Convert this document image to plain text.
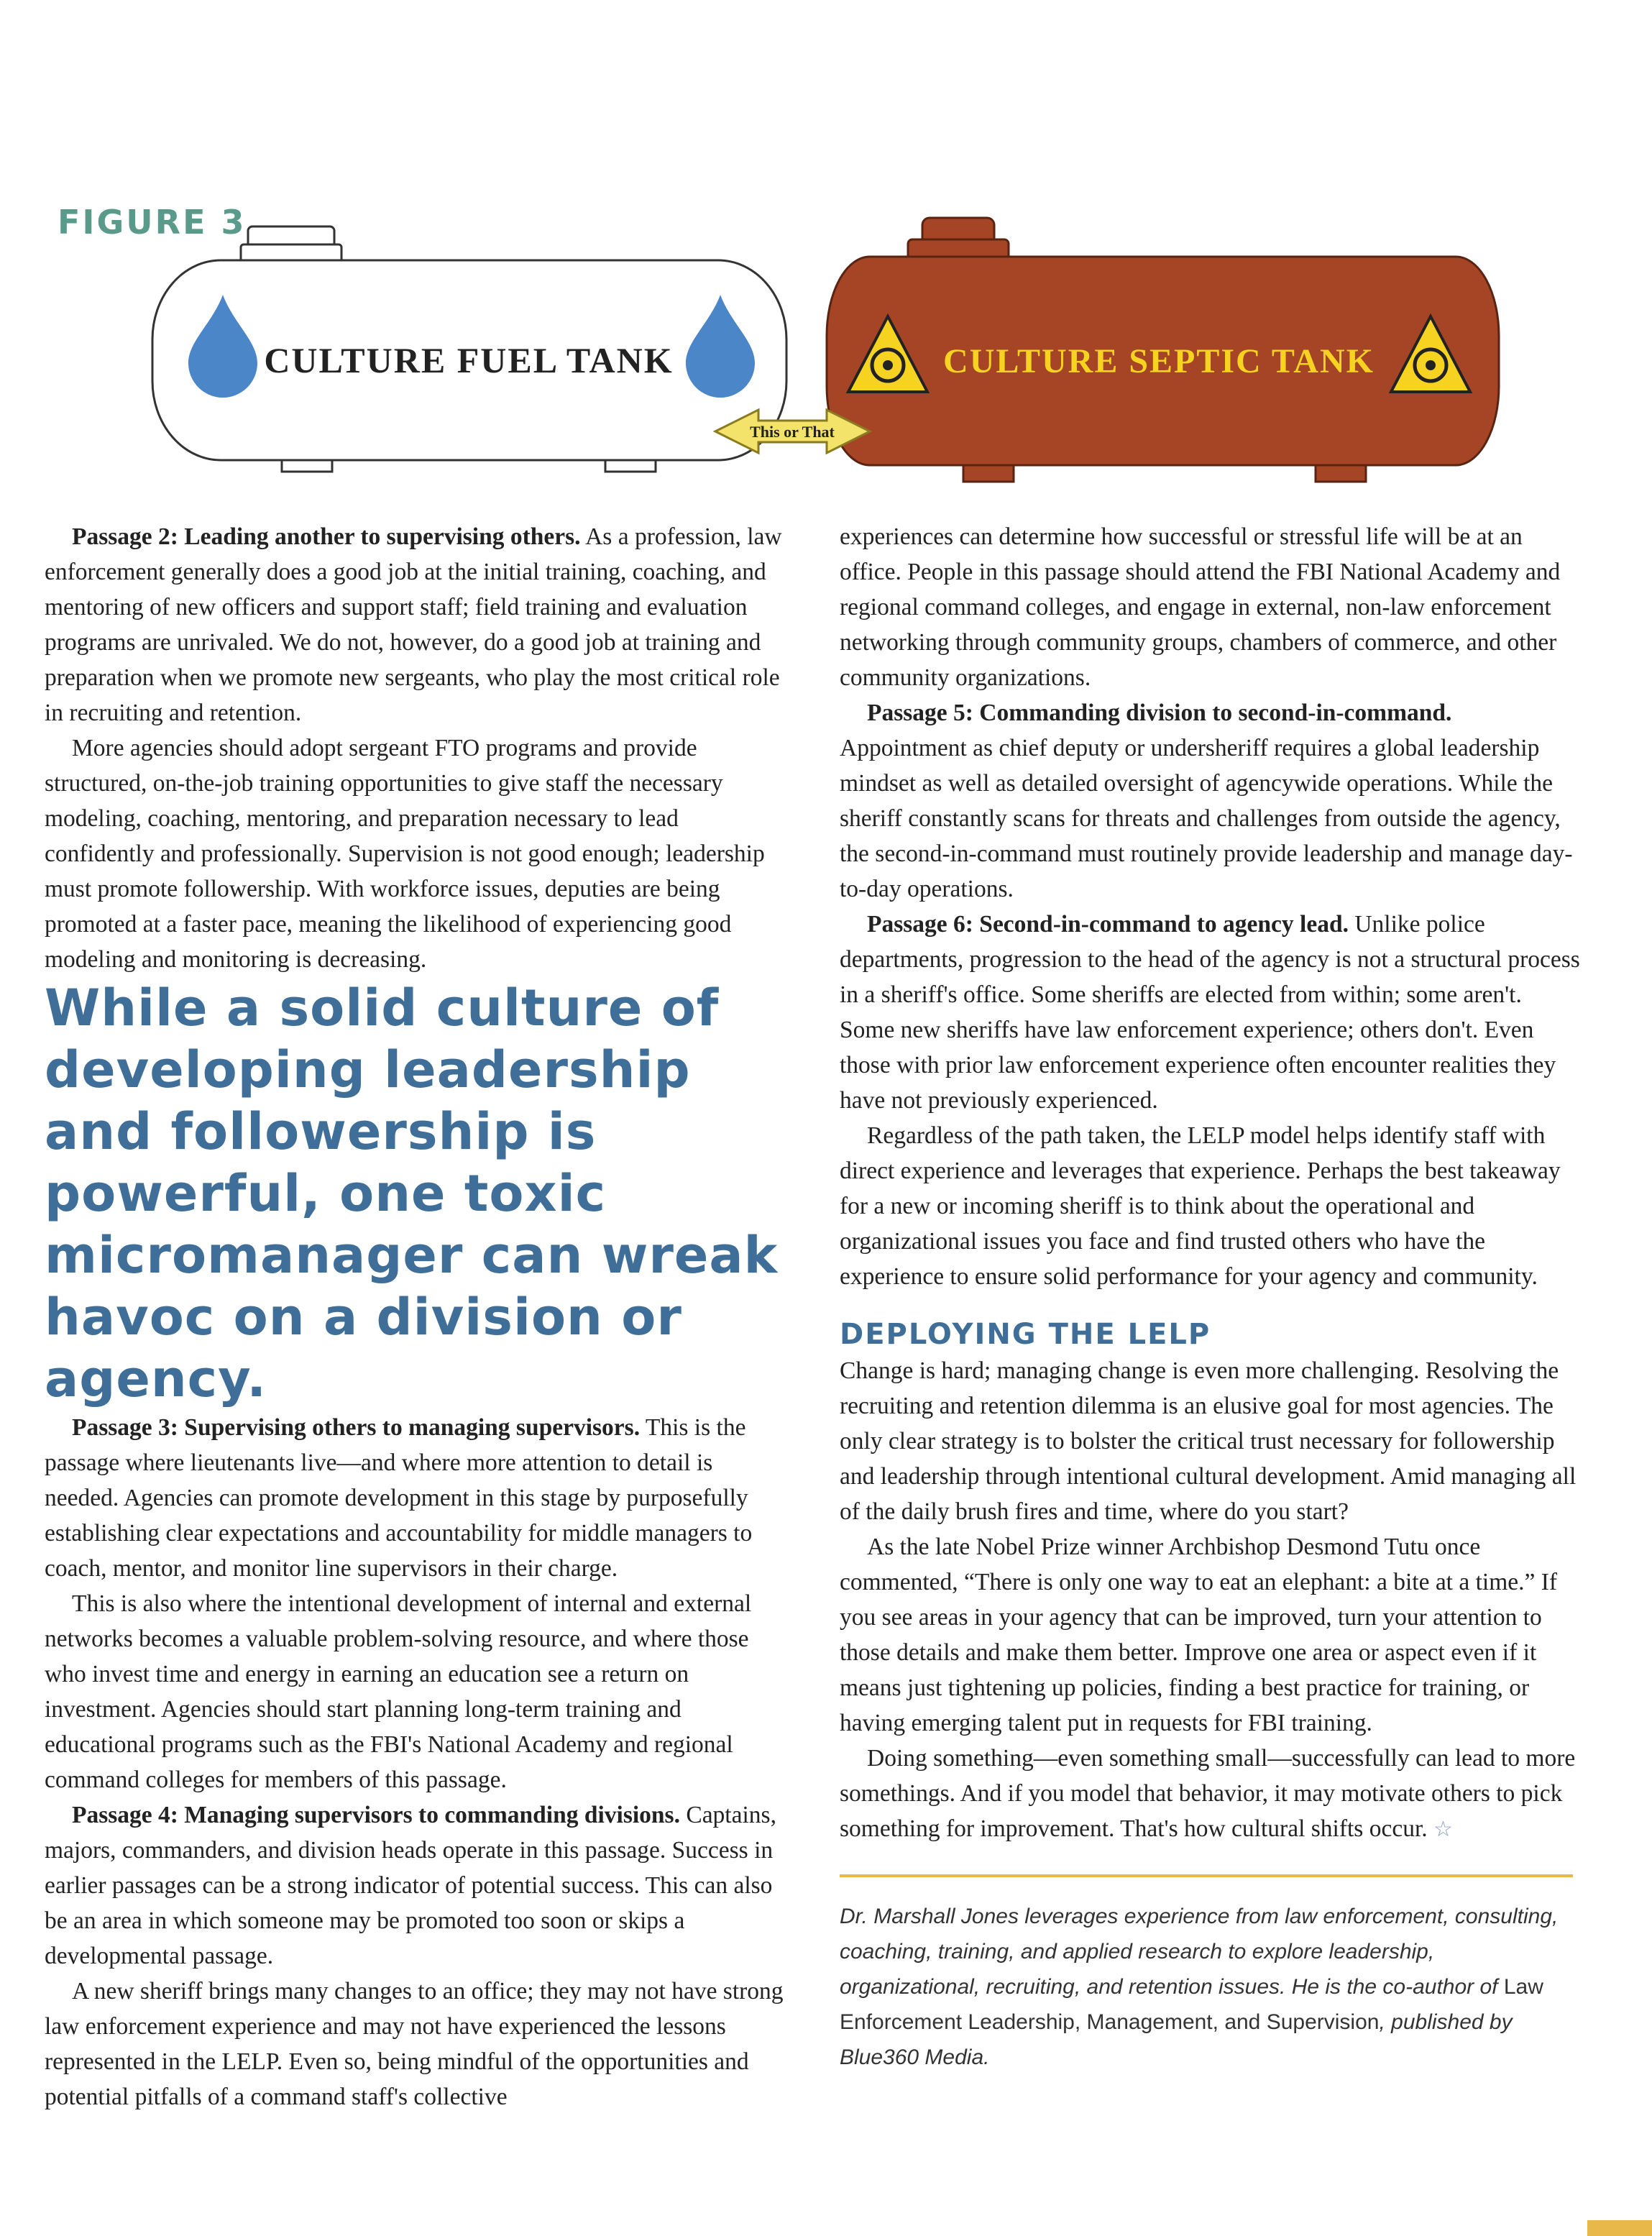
FIGURE 3
CULTURE FUEL TANK	CULTURE SEPTIC TANK
This or That

Passage 2: Leading another to supervising others. As a profession, law enforcement generally does a good job at the initial training, coaching, and mentoring of new officers and support staff; field training and evaluation programs are unrivaled. We do not, however, do a good job at training and preparation when we promote new sergeants, who play the most critical role in recruiting and retention.

More agencies should adopt sergeant FTO programs and provide structured, on-the-job training opportunities to give staff the necessary modeling, coaching, mentoring, and preparation necessary to lead confidently and professionally. Supervision is not good enough; leadership must promote followership. With workforce issues, deputies are being promoted at a faster pace, meaning the likelihood of experiencing good modeling and monitoring is decreasing.

While a solid culture of developing leadership and followership is powerful, one toxic micromanager can wreak havoc on a division or agency.

Passage 3: Supervising others to managing supervisors. This is the passage where lieutenants live—and where more attention to detail is needed. Agencies can promote development in this stage by purposefully establishing clear expectations and accountability for middle managers to coach, mentor, and monitor line supervisors in their charge.

This is also where the intentional development of internal and external networks becomes a valuable problem-solving resource, and where those who invest time and energy in earning an education see a return on investment. Agencies should start planning long-term training and educational programs such as the FBI's National Academy and regional command colleges for members of this passage.

Passage 4: Managing supervisors to commanding divisions. Captains, majors, commanders, and division heads operate in this passage. Success in earlier passages can be a strong indicator of potential success. This can also be an area in which someone may be promoted too soon or skips a developmental passage.

A new sheriff brings many changes to an office; they may not have strong law enforcement experience and may not have experienced the lessons represented in the LELP. Even so, being mindful of the opportunities and potential pitfalls of a command staff's collective

experiences can determine how successful or stressful life will be at an office. People in this passage should attend the FBI National Academy and regional command colleges, and engage in external, non-law enforcement networking through community groups, chambers of commerce, and other community organizations.

Passage 5: Commanding division to second-in-command. Appointment as chief deputy or undersheriff requires a global leadership mindset as well as detailed oversight of agencywide operations. While the sheriff constantly scans for threats and challenges from outside the agency, the second-in-command must routinely provide leadership and manage day-to-day operations.

Passage 6: Second-in-command to agency lead. Unlike police departments, progression to the head of the agency is not a structural process in a sheriff's office. Some sheriffs are elected from within; some aren't. Some new sheriffs have law enforcement experience; others don't. Even those with prior law enforcement experience often encounter realities they have not previously experienced.

Regardless of the path taken, the LELP model helps identify staff with direct experience and leverages that experience. Perhaps the best takeaway for a new or incoming sheriff is to think about the operational and organizational issues you face and find trusted others who have the experience to ensure solid performance for your agency and community.

DEPLOYING THE LELP

Change is hard; managing change is even more challenging. Resolving the recruiting and retention dilemma is an elusive goal for most agencies. The only clear strategy is to bolster the critical trust necessary for followership and leadership through intentional cultural development. Amid managing all of the daily brush fires and time, where do you start?

As the late Nobel Prize winner Archbishop Desmond Tutu once commented, “There is only one way to eat an elephant: a bite at a time.” If you see areas in your agency that can be improved, turn your attention to those details and make them better. Improve one area or aspect even if it means just tightening up policies, finding a best practice for training, or having emerging talent put in requests for FBI training.

Doing something—even something small—successfully can lead to more somethings. And if you model that behavior, it may motivate others to pick something for improvement. That's how cultural shifts occur. ☆

Dr. Marshall Jones leverages experience from law enforcement, consulting, coaching, training, and applied research to explore leadership, organizational, recruiting, and retention issues. He is the co-author of Law Enforcement Leadership, Management, and Supervision, published by Blue360 Media.
